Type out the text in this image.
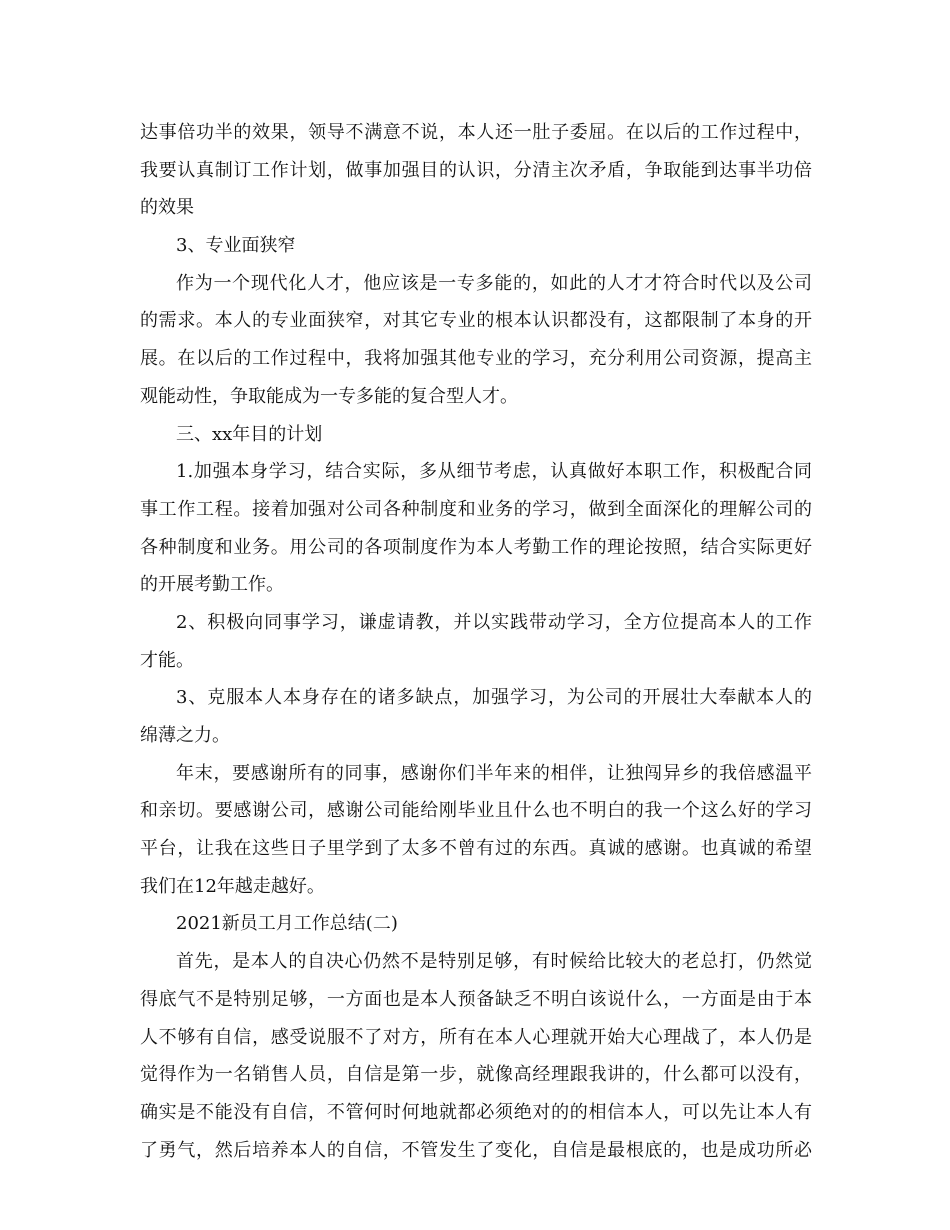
达事倍功半的效果，领导不满意不说，本人还一肚子委屈。在以后的工作过程中，
我要认真制订工作计划，做事加强目的认识，分清主次矛盾，争取能到达事半功倍
的效果
3、专业面狭窄
作为一个现代化人才，他应该是一专多能的，如此的人才才符合时代以及公司
的需求。本人的专业面狭窄，对其它专业的根本认识都没有，这都限制了本身的开
展。在以后的工作过程中，我将加强其他专业的学习，充分利用公司资源，提高主
观能动性，争取能成为一专多能的复合型人才。
三、xx年目的计划
1.加强本身学习，结合实际，多从细节考虑，认真做好本职工作，积极配合同
事工作工程。接着加强对公司各种制度和业务的学习，做到全面深化的理解公司的
各种制度和业务。用公司的各项制度作为本人考勤工作的理论按照，结合实际更好
的开展考勤工作。
2、积极向同事学习，谦虚请教，并以实践带动学习，全方位提高本人的工作
才能。
3、克服本人本身存在的诸多缺点，加强学习，为公司的开展壮大奉献本人的
绵薄之力。
年末，要感谢所有的同事，感谢你们半年来的相伴，让独闯异乡的我倍感温平
和亲切。要感谢公司，感谢公司能给刚毕业且什么也不明白的我一个这么好的学习
平台，让我在这些日子里学到了太多不曾有过的东西。真诚的感谢。也真诚的希望
我们在12年越走越好。
2021新员工月工作总结(二)
首先，是本人的自决心仍然不是特别足够，有时候给比较大的老总打，仍然觉
得底气不是特别足够，一方面也是本人预备缺乏不明白该说什么，一方面是由于本
人不够有自信，感受说服不了对方，所有在本人心理就开始大心理战了，本人仍是
觉得作为一名销售人员，自信是第一步，就像高经理跟我讲的，什么都可以没有，
确实是不能没有自信，不管何时何地就都必须绝对的的相信本人，可以先让本人有
了勇气，然后培养本人的自信，不管发生了变化，自信是最根底的，也是成功所必
